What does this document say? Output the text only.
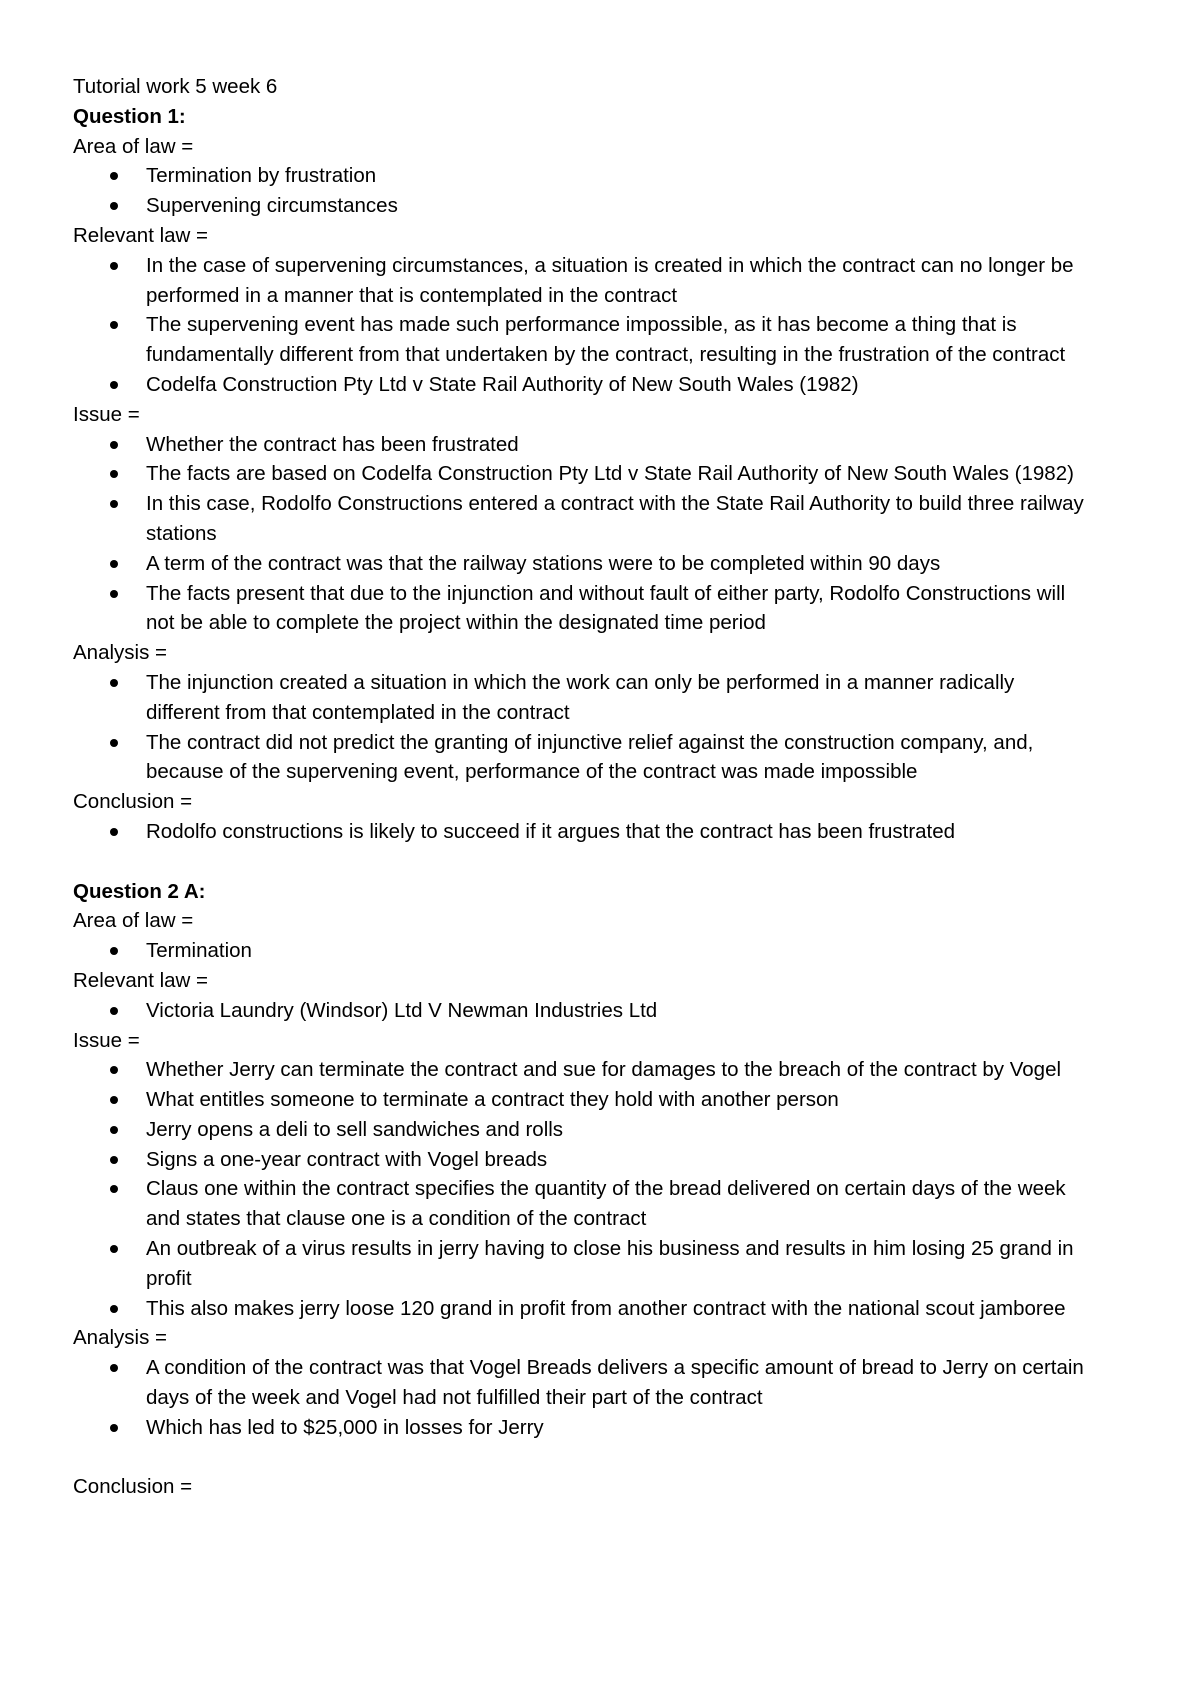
Tutorial work 5 week 6

Question 1:

Area of law =

Termination by frustration
Supervening circumstances

Relevant law =

In the case of supervening circumstances, a situation is created in which the contract can no longer be performed in a manner that is contemplated in the contract
The supervening event has made such performance impossible, as it has become a thing that is fundamentally different from that undertaken by the contract, resulting in the frustration of the contract
Codelfa Construction Pty Ltd v State Rail Authority of New South Wales (1982)

Issue =

Whether the contract has been frustrated
The facts are based on Codelfa Construction Pty Ltd v State Rail Authority of New South Wales (1982)
In this case, Rodolfo Constructions entered a contract with the State Rail Authority to build three railway stations
A term of the contract was that the railway stations were to be completed within 90 days
The facts present that due to the injunction and without fault of either party, Rodolfo Constructions will not be able to complete the project within the designated time period

Analysis =

The injunction created a situation in which the work can only be performed in a manner radically different from that contemplated in the contract
The contract did not predict the granting of injunctive relief against the construction company, and, because of the supervening event, performance of the contract was made impossible

Conclusion =

Rodolfo constructions is likely to succeed if it argues that the contract has been frustrated

Question 2 A:

Area of law =

Termination

Relevant law =

Victoria Laundry (Windsor) Ltd V Newman Industries Ltd

Issue =

Whether Jerry can terminate the contract and sue for damages to the breach of the contract by Vogel
What entitles someone to terminate a contract they hold with another person
Jerry opens a deli to sell sandwiches and rolls
Signs a one-year contract with Vogel breads
Claus one within the contract specifies the quantity of the bread delivered on certain days of the week and states that clause one is a condition of the contract
An outbreak of a virus results in jerry having to close his business and results in him losing 25 grand in profit
This also makes jerry loose 120 grand in profit from another contract with the national scout jamboree

Analysis =

A condition of the contract was that Vogel Breads delivers a specific amount of bread to Jerry on certain days of the week and Vogel had not fulfilled their part of the contract
Which has led to $25,000 in losses for Jerry

Conclusion =
